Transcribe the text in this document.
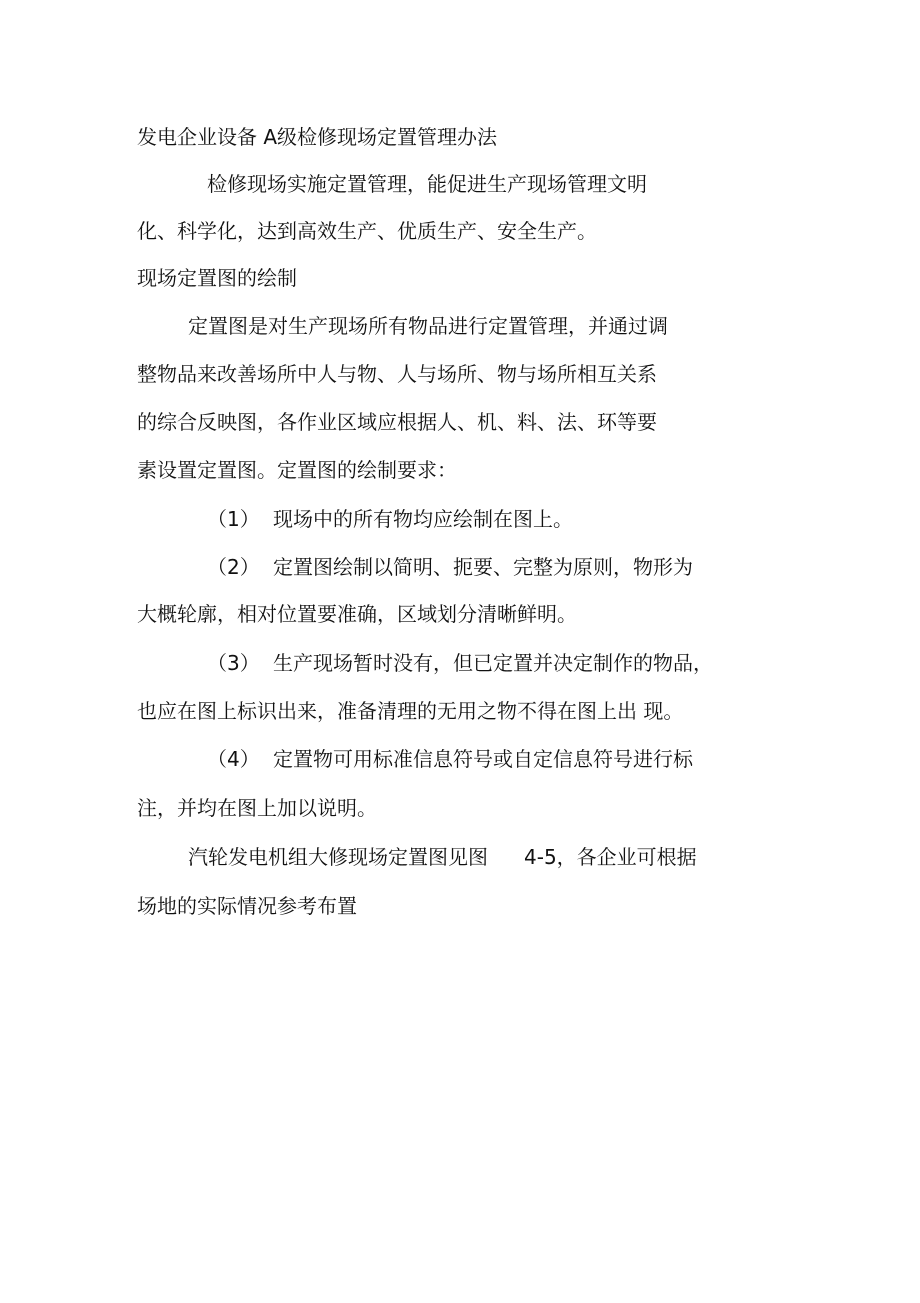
发电企业设备 A级检修现场定置管理办法
检修现场实施定置管理，能促进生产现场管理文明
化、科学化，达到高效生产、优质生产、安全生产。
现场定置图的绘制
定置图是对生产现场所有物品进行定置管理，并通过调
整物品来改善场所中人与物、人与场所、物与场所相互关系
的综合反映图，各作业区域应根据人、机、料、法、环等要
素设置定置图。定置图的绘制要求：
（1） 现场中的所有物均应绘制在图上。
（2） 定置图绘制以简明、扼要、完整为原则，物形为
大概轮廓，相对位置要准确，区域划分清晰鲜明。
（3） 生产现场暂时没有，但已定置并决定制作的物品，
也应在图上标识出来，准备清理的无用之物不得在图上出 现。
（4） 定置物可用标准信息符号或自定信息符号进行标
注，并均在图上加以说明。
汽轮发电机组大修现场定置图见图 4-5，各企业可根据
场地的实际情况参考布置
